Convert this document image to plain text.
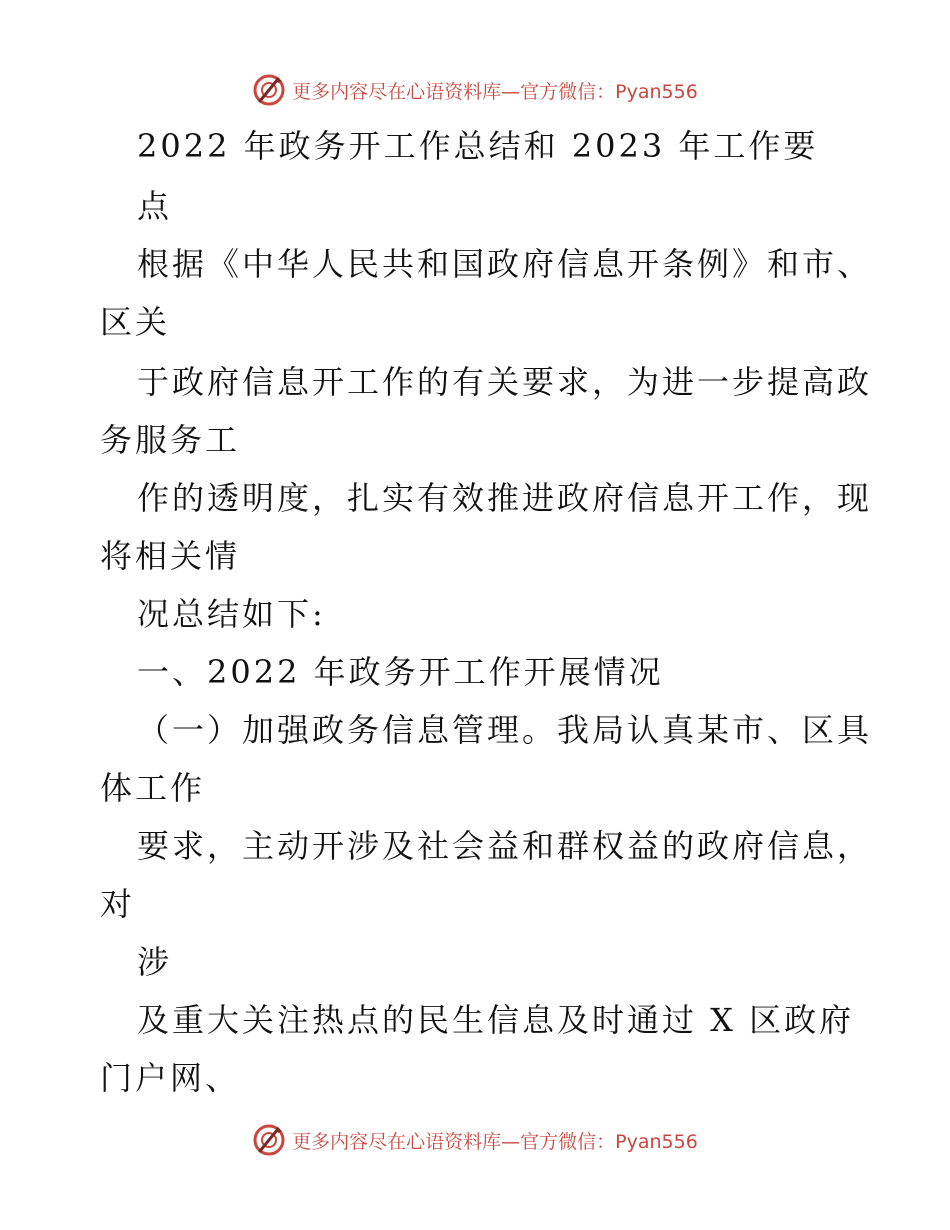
更多内容尽在心语资料库—官方微信：Pyan556
2022 年政务开工作总结和 2023 年工作要
点
根据《中华人民共和国政府信息开条例》和市、
区关
于政府信息开工作的有关要求，为进一步提高政
务服务工
作的透明度，扎实有效推进政府信息开工作，现
将相关情
况总结如下:
一、2022 年政务开工作开展情况
（一）加强政务信息管理。我局认真某市、区具
体工作
要求，主动开涉及社会益和群权益的政府信息，
对
涉
及重大关注热点的民生信息及时通过 X 区政府
门户网、
更多内容尽在心语资料库—官方微信：Pyan556
